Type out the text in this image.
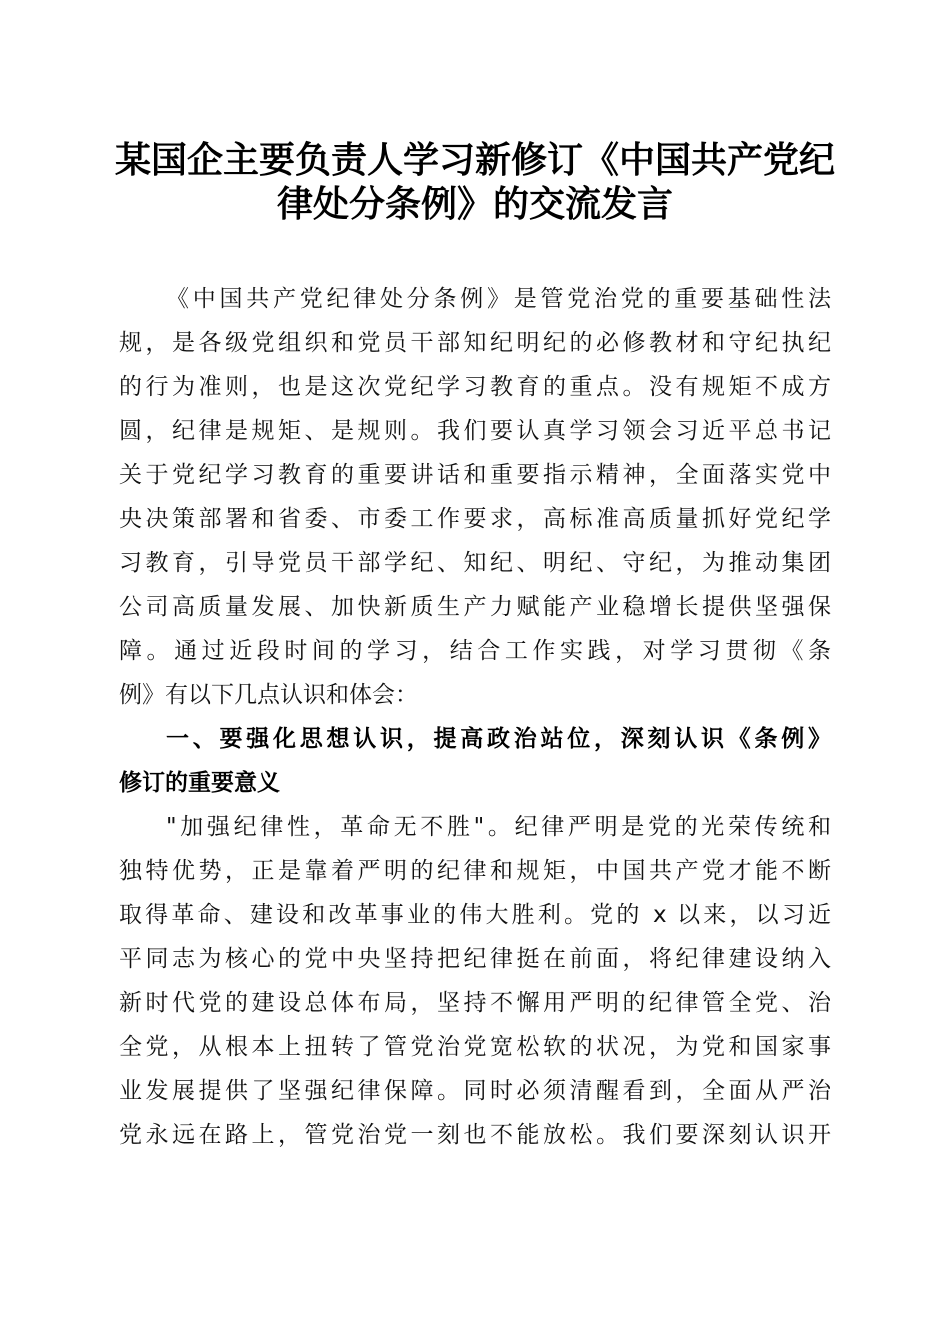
某国企主要负责人学习新修订《中国共产党纪
律处分条例》的交流发言
《中国共产党纪律处分条例》是管党治党的重要基础性法
规，是各级党组织和党员干部知纪明纪的必修教材和守纪执纪
的行为准则，也是这次党纪学习教育的重点。没有规矩不成方
圆，纪律是规矩、是规则。我们要认真学习领会习近平总书记
关于党纪学习教育的重要讲话和重要指示精神，全面落实党中
央决策部署和省委、市委工作要求，高标准高质量抓好党纪学
习教育，引导党员干部学纪、知纪、明纪、守纪，为推动集团
公司高质量发展、加快新质生产力赋能产业稳增长提供坚强保
障。通过近段时间的学习，结合工作实践，对学习贯彻《条
例》有以下几点认识和体会：
一、要强化思想认识，提高政治站位，深刻认识《条例》
修订的重要意义
"加强纪律性，革命无不胜"。纪律严明是党的光荣传统和
独特优势，正是靠着严明的纪律和规矩，中国共产党才能不断
取得革命、建设和改革事业的伟大胜利。党的 x 以来，以习近
平同志为核心的党中央坚持把纪律挺在前面，将纪律建设纳入
新时代党的建设总体布局，坚持不懈用严明的纪律管全党、治
全党，从根本上扭转了管党治党宽松软的状况，为党和国家事
业发展提供了坚强纪律保障。同时必须清醒看到，全面从严治
党永远在路上，管党治党一刻也不能放松。我们要深刻认识开
